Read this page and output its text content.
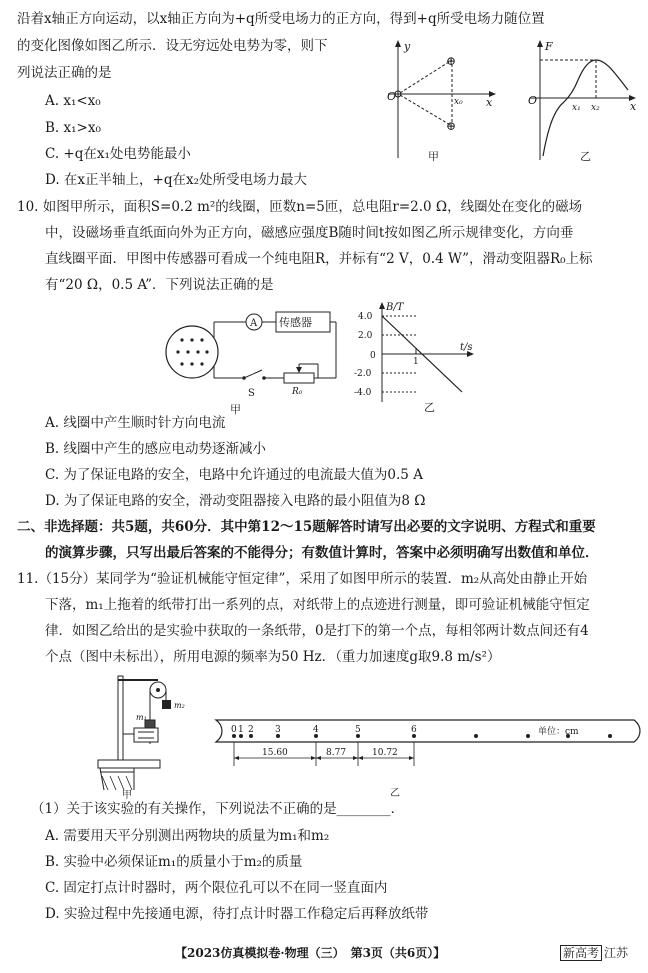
沿着x轴正方向运动，以x轴正方向为+q所受电场力的正方向，得到+q所受电场力随位置
的变化图像如图乙所示．设无穷远处电势为零，则下
列说法正确的是
A. x₁<x₀
B. x₁>x₀
C. +q在x₁处电势能最小
D. 在x正半轴上，+q在x₂处所受电场力最大
y
x
O
⊕
⊕
x₀
甲
F
x
O
x₁ x₂
乙
10. 如图甲所示，面积S=0.2 m²的线圈，匝数n=5匝，总电阻r=2.0 Ω，线圈处在变化的磁场
中，设磁场垂直纸面向外为正方向，磁感应强度B随时间t按如图乙所示规律变化，方向垂
直线圈平面．甲图中传感器可看成一个纯电阻R，并标有“2 V，0.4 W”，滑动变阻器R₀上标
有“20 Ω，0.5 A”．下列说法正确的是
A 传感器
S	R₀
甲
B/T
t/s
4.0
2.0
0
-2.0
-4.0
1
乙
A. 线圈中产生顺时针方向电流
B. 线圈中产生的感应电动势逐渐减小
C. 为了保证电路的安全，电路中允许通过的电流最大值为0.5 A
D. 为了保证电路的安全，滑动变阻器接入电路的最小阻值为8 Ω
二、非选择题：共5题，共60分．其中第12～15题解答时请写出必要的文字说明、方程式和重要
的演算步骤，只写出最后答案的不能得分；有数值计算时，答案中必须明确写出数值和单位．
11.（15分）某同学为“验证机械能守恒定律”，采用了如图甲所示的装置．m₂从高处由静止开始
下落，m₁上拖着的纸带打出一系列的点，对纸带上的点迹进行测量，即可验证机械能守恒定
律．如图乙给出的是实验中获取的一条纸带，0是打下的第一个点，每相邻两计数点间还有4
个点（图中未标出），所用电源的频率为50 Hz．（重力加速度g取9.8 m/s²）
m₁
m₂
甲
0 1 2 3	4	5	6	单位：cm
15.60	8.77	10.72
乙
（1）关于该实验的有关操作，下列说法不正确的是________．
A. 需要用天平分别测出两物块的质量为m₁和m₂
B. 实验中必须保证m₁的质量小于m₂的质量
C. 固定打点计时器时，两个限位孔可以不在同一竖直面内
D. 实验过程中先接通电源，待打点计时器工作稳定后再释放纸带
【2023仿真模拟卷·物理（三）　第3页（共6页）】	新高考 江苏
